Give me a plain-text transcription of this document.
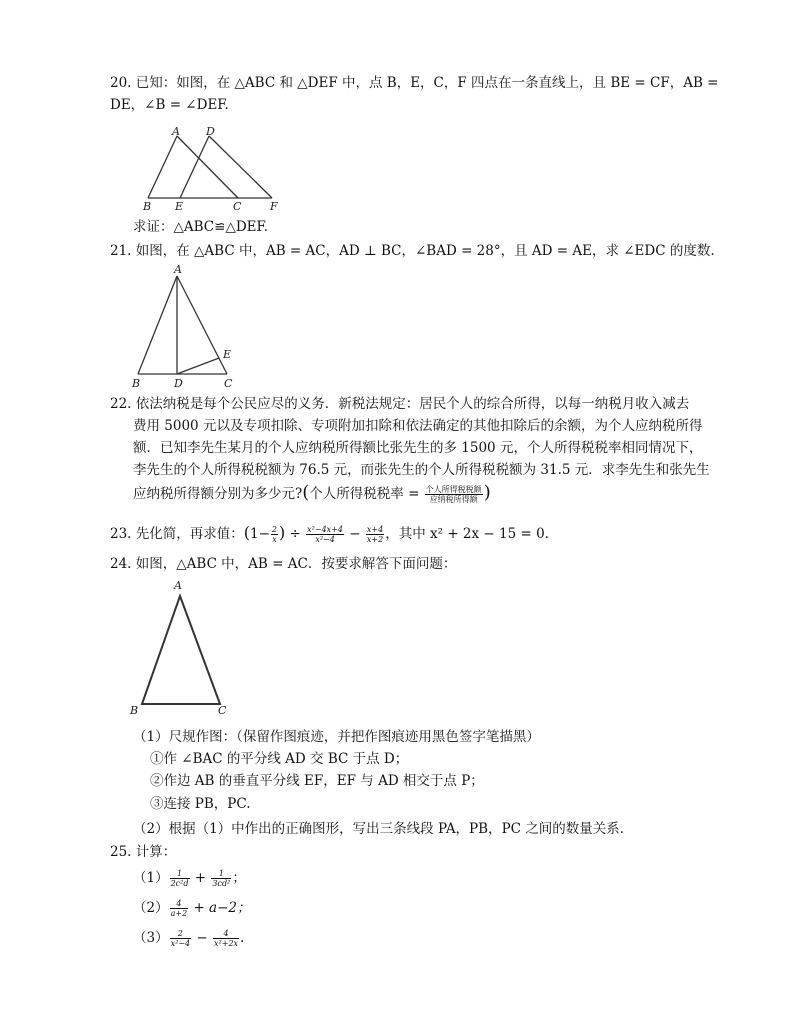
20. 已知：如图，在 △ABC 和 △DEF 中，点 B，E，C，F 四点在一条直线上，且 BE = CF，AB =
DE，∠B = ∠DEF.
A D
B E	C	F
求证：△ABC≌△DEF.
21. 如图，在 △ABC 中，AB = AC，AD ⊥ BC，∠BAD = 28°，且 AD = AE，求 ∠EDC 的度数.
A
E
B	D	C
22. 依法纳税是每个公民应尽的义务．新税法规定：居民个人的综合所得，以每一纳税月收入减去
费用 5000 元以及专项扣除、专项附加扣除和依法确定的其他扣除后的余额，为个人应纳税所得
额．已知李先生某月的个人应纳税所得额比张先生的多 1500 元，个人所得税税率相同情况下，
李先生的个人所得税税额为 76.5 元，而张先生的个人所得税税额为 31.5 元．求李先生和张先生
应纳税所得额分别为多少元?(个人所得税税率 = $\frac{\text{个人所得税税额}}{\text{应纳税所得额}}$ )
23. 先化简，再求值：($1- \frac{2}{x}$ ) ÷ $\frac{\text{x²−4x+4}}{\text{x²−4}} - \frac{x+4}{x+2}$ ，其中 x² + 2x − 15 = 0.
24. 如图，△ABC 中，AB = AC．按要求解答下面问题：
A
B	C
（1）尺规作图：（保留作图痕迹，并把作图痕迹用黑色签字笔描黑）
①作 ∠BAC 的平分线 AD 交 BC 于点 D；
②作边 AB 的垂直平分线 EF，EF 与 AD 相交于点 P；
③连接 PB，PC.
（2）根据（1）中作出的正确图形，写出三条线段 PA，PB，PC 之间的数量关系.
25. 计算：
$(1) \frac{1}{\text{2c²d}} + \frac{1}{\text{3cd²}}$ ；
$(2) \frac{4}{a+2} + a-2$；
$(3) \frac{2}{\text{x²−4}} - \frac{4}{\text{x²+2x}}$ .
